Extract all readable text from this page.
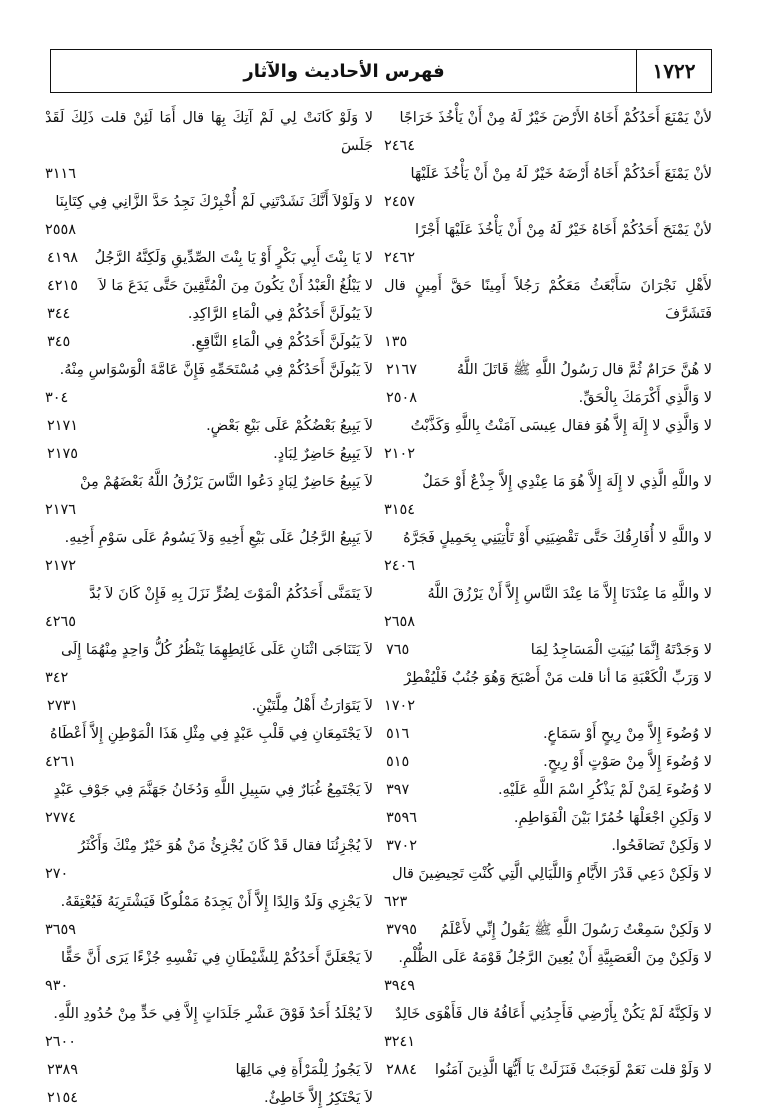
١٧٢٢
فهرس الأحاديث والآثار
لأنْ يَمْنَعَ أَحَدُكُمْ أَخَاهُ الأَرْضَ خَيْرٌ لَهُ مِنْ أَنْ يَأْخُذَ خَرَاجًا
٢٤٦٤
لأنْ يَمْنَعَ أَحَدُكُمْ أَخَاهُ أَرْضَهُ خَيْرٌ لَهُ مِنْ أَنْ يَأْخُذَ عَلَيْهَا
٢٤٥٧
لأنْ يَمْنَحَ أَحَدُكُمْ أَخَاهُ خَيْرٌ لَهُ مِنْ أَنْ يَأْخُذَ عَلَيْهَا أَجْرًا
٢٤٦٢
لأَهْلِ نَجْرَانَ سَأَبْعَثُ مَعَكُمْ رَجُلاً أَمِينًا حَقَّ أَمِينٍ قال فَتَشَرَّفَ
١٣٥
لا هُنَّ حَرَامٌ ثُمَّ قال رَسُولُ اللَّهِ ﷺ قَاتَلَ اللَّهُ
٢١٦٧
لا وَالَّذِي أَكْرَمَكَ بِالْحَقِّ.
٢٥٠٨
لا وَالَّذِي لا إِلَهَ إِلاَّ هُوَ فقال عِيسَى آمَنْتُ بِاللَّهِ وَكَذَّبْتُ
٢١٠٢
لا واللَّهِ الَّذِي لا إِلَهَ إِلاَّ هُوَ مَا عِنْدِي إِلاَّ جِذْعٌ أَوْ حَمَلٌ
٣١٥٤
لا واللَّهِ لا أُفَارِقُكَ حَتَّى تَقْضِيَنِي أَوْ تَأْتِيَنِي بِحَمِيلٍ فَجَرَّهُ
٢٤٠٦
لا واللَّهِ مَا عِنْدَنَا إِلاَّ مَا عِنْدَ النَّاسِ إِلاَّ أَنْ يَرْزُقَ اللَّهُ
٢٦٥٨
لا وَجَدْتَهُ إِنَّمَا بُنِيَتِ الْمَسَاجِدُ لِمَا
٧٦٥
لا وَرَبِّ الْكَعْبَةِ مَا أنا قلت مَنْ أَصْبَحَ وَهُوَ جُنُبٌ فَلْيُفْطِرْ
١٧٠٢
لا وُضُوءَ إِلاَّ مِنْ رِيحٍ أَوْ سَمَاعٍ.
٥١٦
لا وُضُوءَ إِلاَّ مِنْ صَوْتٍ أَوْ رِيحٍ.
٥١٥
لا وُضُوءَ لِمَنْ لَمْ يَذْكُرِ اسْمَ اللَّهِ عَلَيْهِ.
٣٩٧
لا وَلَكِنِ اجْعَلْهَا خُمُرًا بَيْنَ الْفَوَاطِمِ.
٣٥٩٦
لا وَلَكِنْ تَصَافَحُوا.
٣٧٠٢
لا وَلَكِنْ دَعِي قَدْرَ الأَيَّامِ وَاللَّيَالِي الَّتِي كُنْتِ تَحِيضِينَ قال
٦٢٣
لا وَلَكِنْ سَمِعْتُ رَسُولَ اللَّهِ ﷺ يَقُولُ إِنِّي لأَعْلَمُ
٣٧٩٥
لا وَلَكِنْ مِنَ الْعَصَبِيَّةِ أَنْ يُعِينَ الرَّجُلُ قَوْمَهُ عَلَى الظُّلْمِ.
٣٩٤٩
لا وَلَكِنَّهُ لَمْ يَكُنْ بِأَرْضِي فَأَجِدُنِي أَعَافُهُ قال فَأَهْوَى خَالِدٌ
٣٢٤١
لا وَلَوْ قلت نَعَمْ لَوَجَبَتْ فَنَزَلَتْ يَا أَيُّهَا الَّذِينَ آمَنُوا
٢٨٨٤
لا وَلَوْ كَانَتْ لِي لَمْ آتِكَ بِهَا قال أَمَا لَئِنْ قلت ذَلِكَ لَقَدْ جَلَسَ
٣١١٦
لا وَلَوْلاَ أَنَّكَ نَشَدْتَنِي لَمْ أُخْبِرْكَ نَجِدُ حَدَّ الزَّانِي فِي كِتَابِنَا
٢٥٥٨
لا يَا بِنْتَ أَبِي بَكْرٍ أَوْ يَا بِنْتَ الصِّدِّيقِ وَلَكِنَّهُ الرَّجُلُ
٤١٩٨
لا يَبْلُغُ الْعَبْدُ أَنْ يَكُونَ مِنَ الْمُتَّقِينَ حَتَّى يَدَعَ مَا لاَ
٤٢١٥
لاَ يَبُولَنَّ أَحَدُكُمْ فِي الْمَاءِ الرَّاكِدِ.
٣٤٤
لاَ يَبُولَنَّ أَحَدُكُمْ فِي الْمَاءِ النَّاقِعِ.
٣٤٥
لاَ يَبُولَنَّ أَحَدُكُمْ فِي مُسْتَحَمِّهِ فَإِنَّ عَامَّةَ الْوَسْوَاسِ مِنْهُ.
٣٠٤
لاَ يَبِيعُ بَعْضُكُمْ عَلَى بَيْعِ بَعْضٍ.
٢١٧١
لاَ يَبِيعُ حَاضِرٌ لِبَادٍ.
٢١٧٥
لاَ يَبِيعُ حَاضِرٌ لِبَادٍ دَعُوا النَّاسَ يَرْزُقُ اللَّهُ بَعْضَهُمْ مِنْ
٢١٧٦
لاَ يَبِيعُ الرَّجُلُ عَلَى بَيْعِ أَخِيهِ وَلاَ يَسُومُ عَلَى سَوْمِ أَخِيهِ.
٢١٧٢
لاَ يَتَمَنَّى أَحَدُكُمُ الْمَوْتَ لِضُرٍّ نَزَلَ بِهِ فَإِنْ كَانَ لاَ بُدَّ
٤٢٦٥
لاَ يَتَنَاجَى اثْنَانِ عَلَى غَائِطِهِمَا يَنْظُرُ كُلُّ وَاحِدٍ مِنْهُمَا إِلَى
٣٤٢
لاَ يَتَوَارَثُ أَهْلُ مِلَّتَيْنِ.
٢٧٣١
لاَ يَجْتَمِعَانِ فِي قَلْبِ عَبْدٍ فِي مِثْلِ هَذَا الْمَوْطِنِ إِلاَّ أَعْطَاهُ
٤٢٦١
لاَ يَجْتَمِعُ غُبَارٌ فِي سَبِيلِ اللَّهِ وَدُخَانُ جَهَنَّمَ فِي جَوْفِ عَبْدٍ
٢٧٧٤
لاَ يُجْزِئُنَا فقال قَدْ كَانَ يُجْزِئُ مَنْ هُوَ خَيْرٌ مِنْكَ وَأَكْثَرُ
٢٧٠
لاَ يَجْزِي وَلَدٌ وَالِدًا إِلاَّ أَنْ يَجِدَهُ مَمْلُوكًا فَيَشْتَرِيَهُ فَيُعْتِقَهُ.
٣٦٥٩
لاَ يَجْعَلَنَّ أَحَدُكُمْ لِلشَّيْطَانِ فِي نَفْسِهِ جُزْءًا يَرَى أَنَّ حَقًّا
٩٣٠
لاَ يُجْلَدُ أَحَدٌ فَوْقَ عَشْرِ جَلَدَاتٍ إِلاَّ فِي حَدٍّ مِنْ حُدُودِ اللَّهِ.
٢٦٠٠
لاَ يَجُوزُ لِلْمَرْأَةِ فِي مَالِهَا
٢٣٨٩
لاَ يَحْتَكِرُ إِلاَّ خَاطِئٌ.
٢١٥٤
